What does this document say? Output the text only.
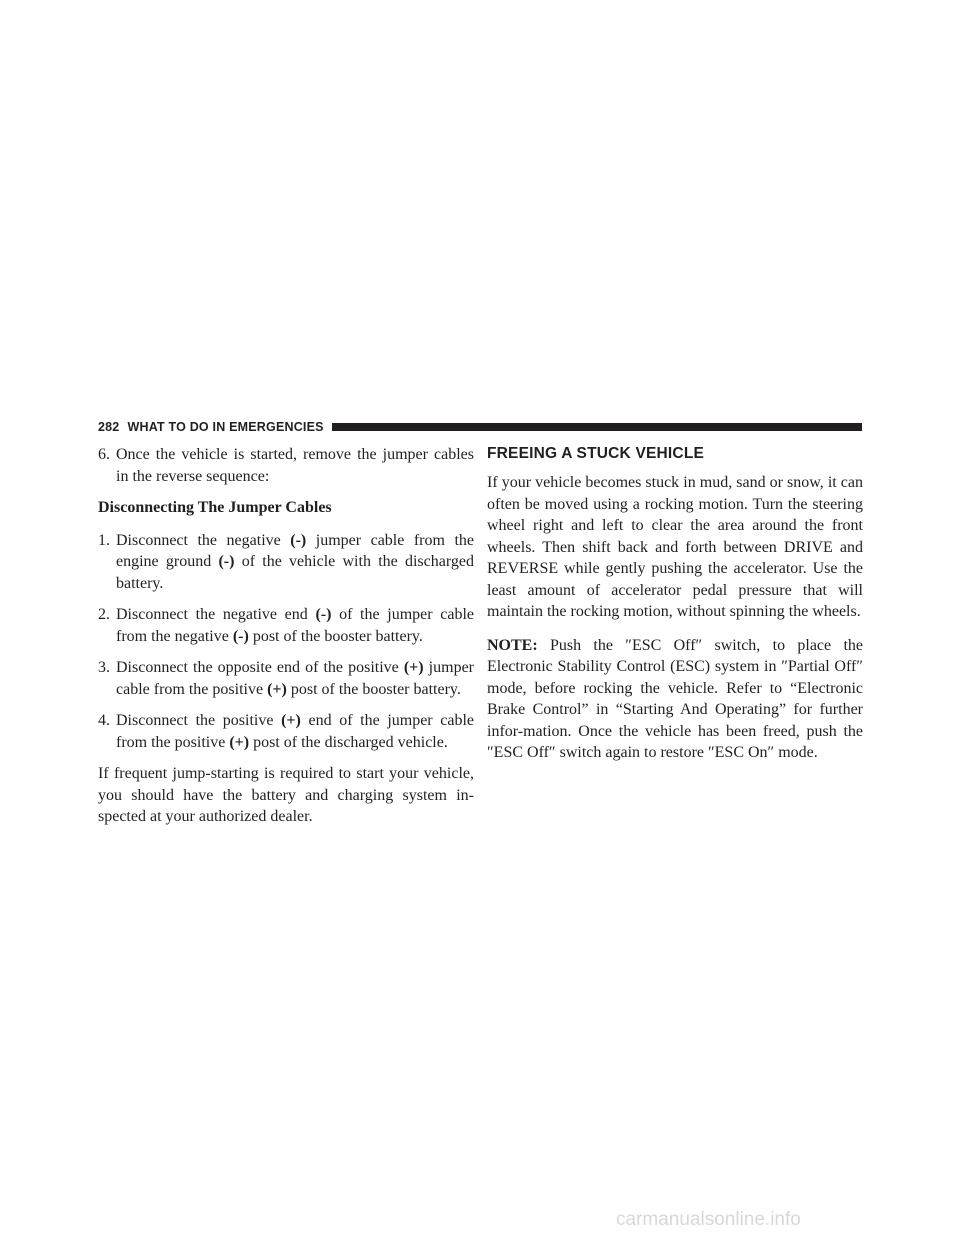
282 WHAT TO DO IN EMERGENCIES
6. Once the vehicle is started, remove the jumper cables in the reverse sequence:
Disconnecting The Jumper Cables
1. Disconnect the negative (-) jumper cable from the engine ground (-) of the vehicle with the discharged battery.
2. Disconnect the negative end (-) of the jumper cable from the negative (-) post of the booster battery.
3. Disconnect the opposite end of the positive (+) jumper cable from the positive (+) post of the booster battery.
4. Disconnect the positive (+) end of the jumper cable from the positive (+) post of the discharged vehicle.

If frequent jump-starting is required to start your vehicle, you should have the battery and charging system in-spected at your authorized dealer.

FREEING A STUCK VEHICLE

If your vehicle becomes stuck in mud, sand or snow, it can often be moved using a rocking motion. Turn the steering wheel right and left to clear the area around the front wheels. Then shift back and forth between DRIVE and REVERSE while gently pushing the accelerator. Use the least amount of accelerator pedal pressure that will maintain the rocking motion, without spinning the wheels.

NOTE: Push the ″ESC Off″ switch, to place the Electronic Stability Control (ESC) system in ″Partial Off″ mode, before rocking the vehicle. Refer to “Electronic Brake Control” in “Starting And Operating” for further infor-mation. Once the vehicle has been freed, push the ″ESC Off″ switch again to restore ″ESC On″ mode.

carmanualsonline.info
